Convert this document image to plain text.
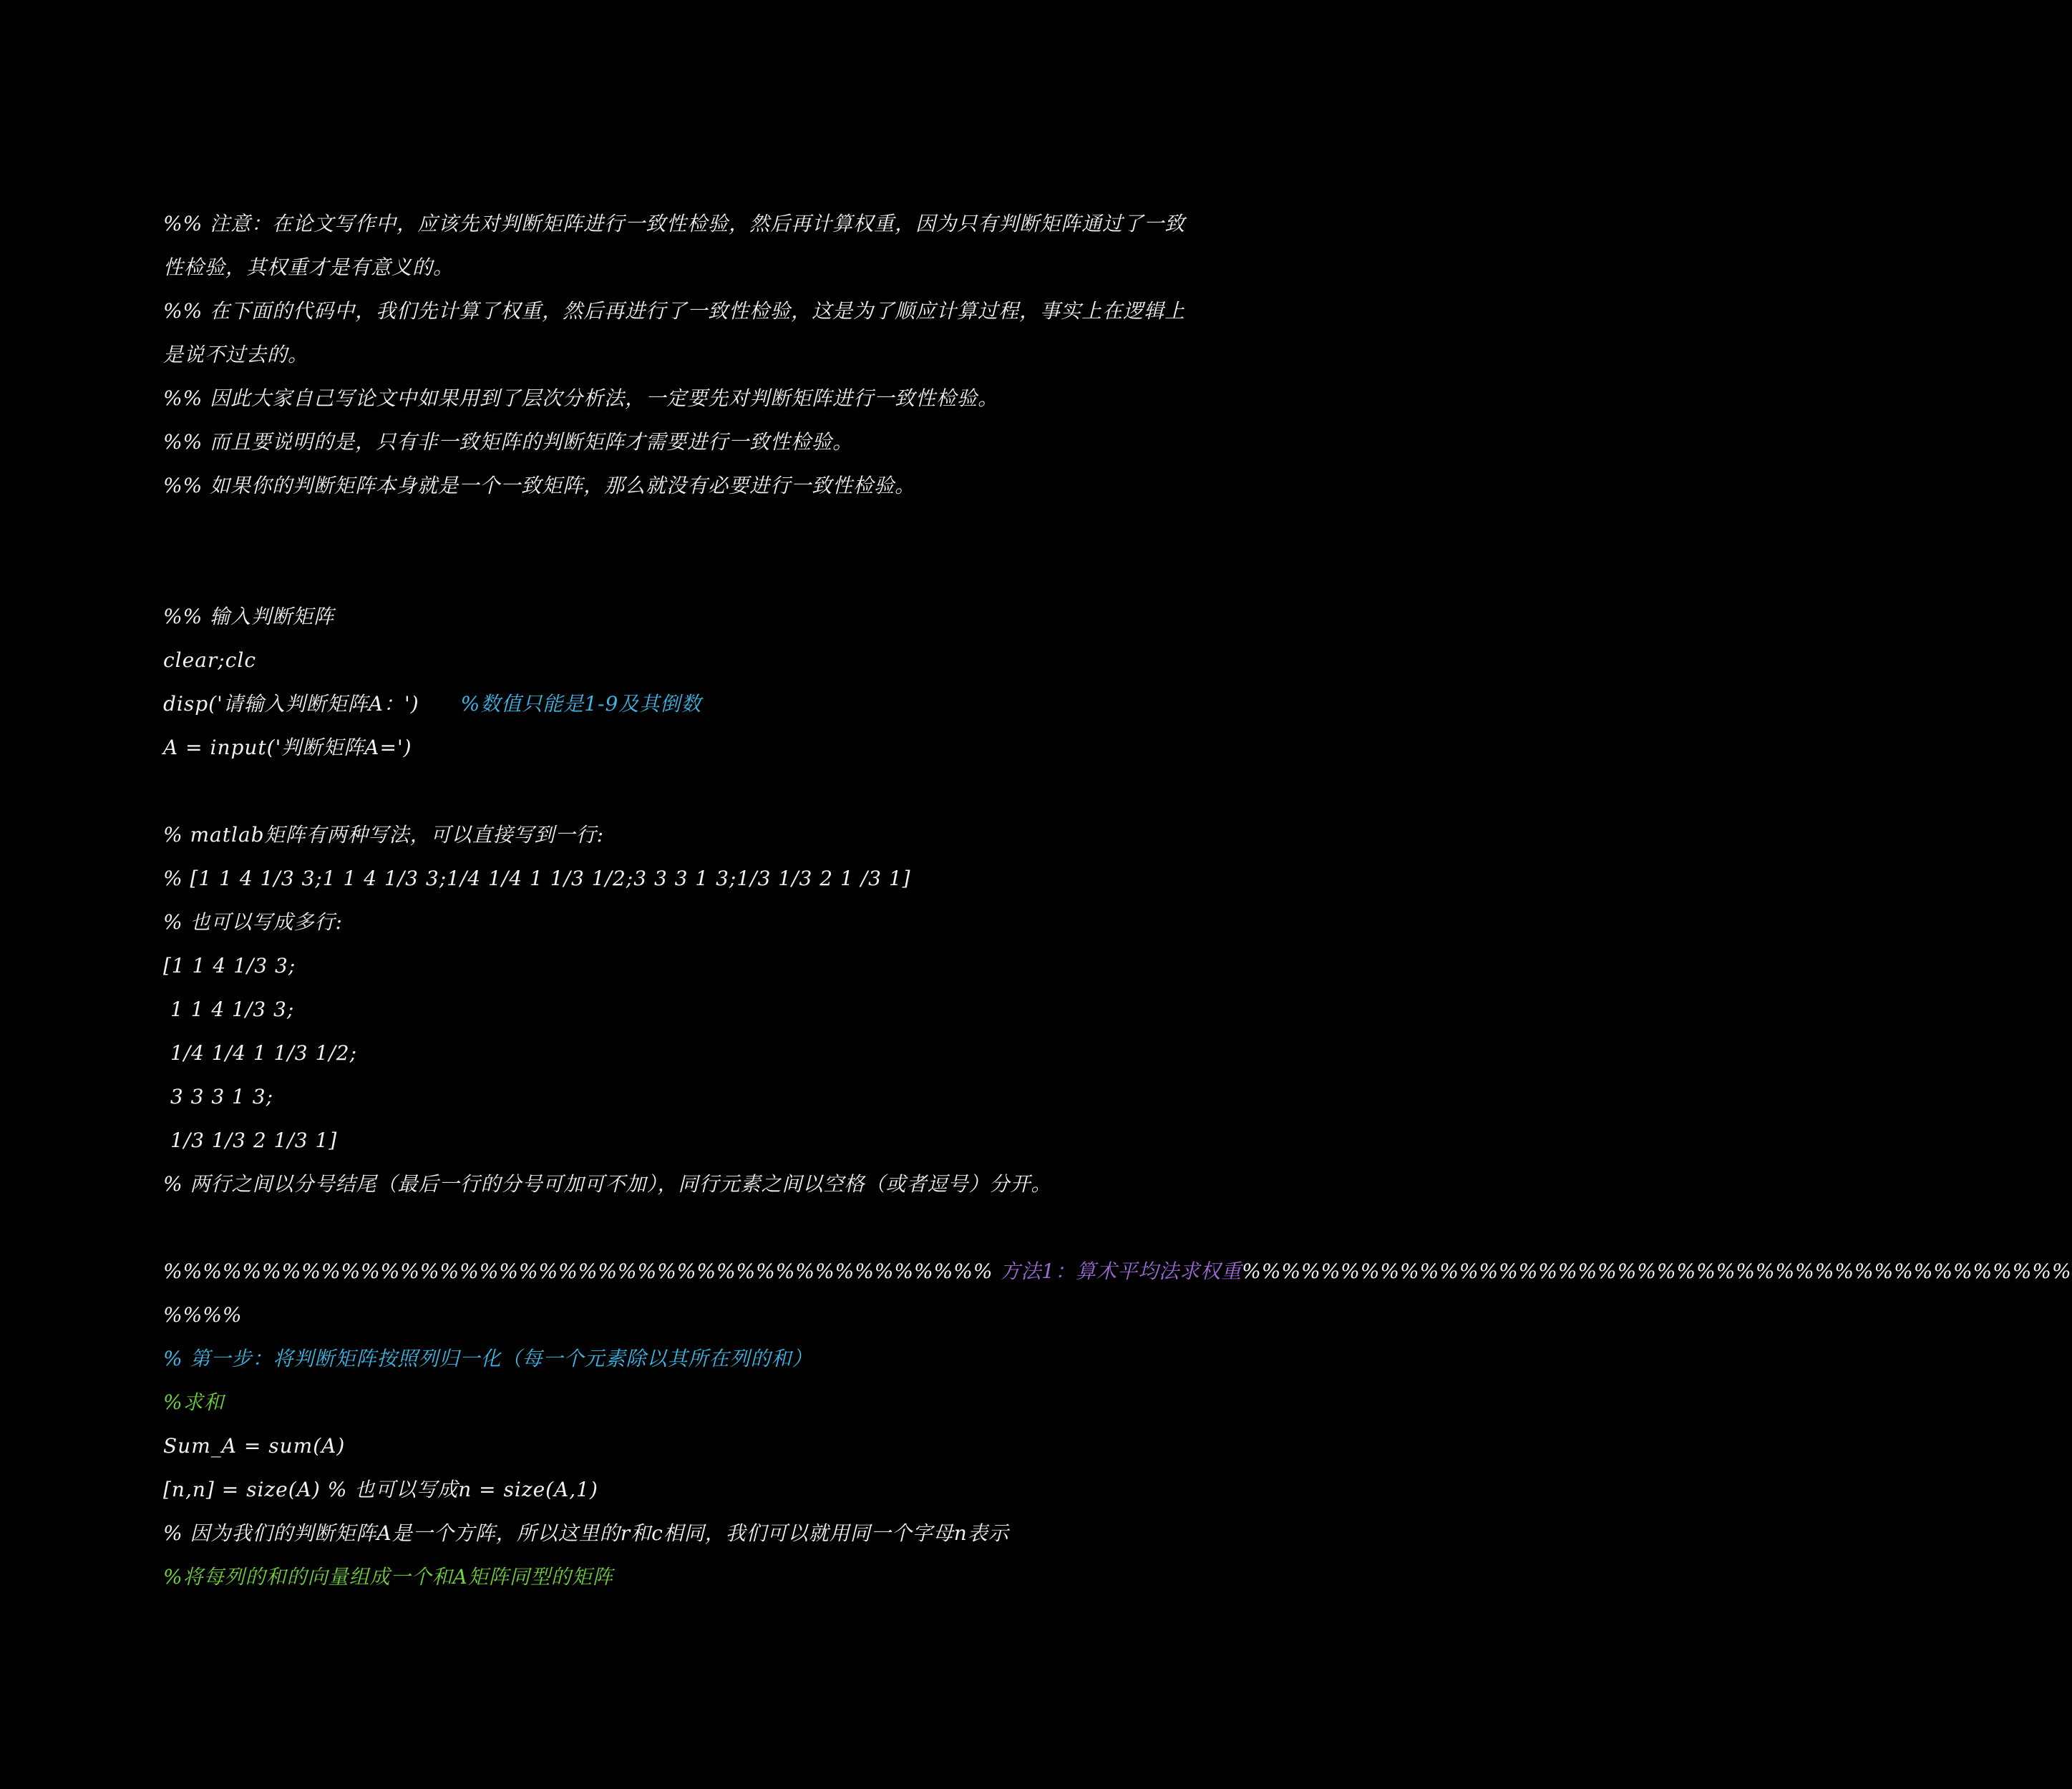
%% 注意：在论文写作中，应该先对判断矩阵进行一致性检验，然后再计算权重，因为只有判断矩阵通过了一致
性检验，其权重才是有意义的。
%% 在下面的代码中，我们先计算了权重，然后再进行了一致性检验，这是为了顺应计算过程，事实上在逻辑上
是说不过去的。
%% 因此大家自己写论文中如果用到了层次分析法，一定要先对判断矩阵进行一致性检验。
%% 而且要说明的是，只有非一致矩阵的判断矩阵才需要进行一致性检验。
%% 如果你的判断矩阵本身就是一个一致矩阵，那么就没有必要进行一致性检验。
%% 输入判断矩阵
clear;clc
disp('请输入判断矩阵A：') %数值只能是1-9及其倒数
A = input('判断矩阵A=')
% matlab矩阵有两种写法，可以直接写到一行:
% [1 1 4 1/3 3;1 1 4 1/3 3;1/4 1/4 1 1/3 1/2;3 3 3 1 3;1/3 1/3 2 1 /3 1]
% 也可以写成多行:
[1 1 4 1/3 3;
1 1 4 1/3 3;
1/4 1/4 1 1/3 1/2;
3 3 3 1 3;
1/3 1/3 2 1/3 1]
% 两行之间以分号结尾（最后一行的分号可加可不加），同行元素之间以空格（或者逗号）分开。
%%%%%%%%%%%%%%%%%%%%%%%%%%%%%%%%%%%%%%%%%% 方法1：算术平均法求权重%%%%%%%%%%%%%%%%%%%%%%%%%%%%%%%%%%%%%%%%%%
%%%%
% 第一步：将判断矩阵按照列归一化（每一个元素除以其所在列的和）
%求和
Sum_A = sum(A)
[n,n] = size(A) % 也可以写成n = size(A,1)
% 因为我们的判断矩阵A是一个方阵，所以这里的r和c相同，我们可以就用同一个字母n表示
%将每列的和的向量组成一个和A矩阵同型的矩阵
